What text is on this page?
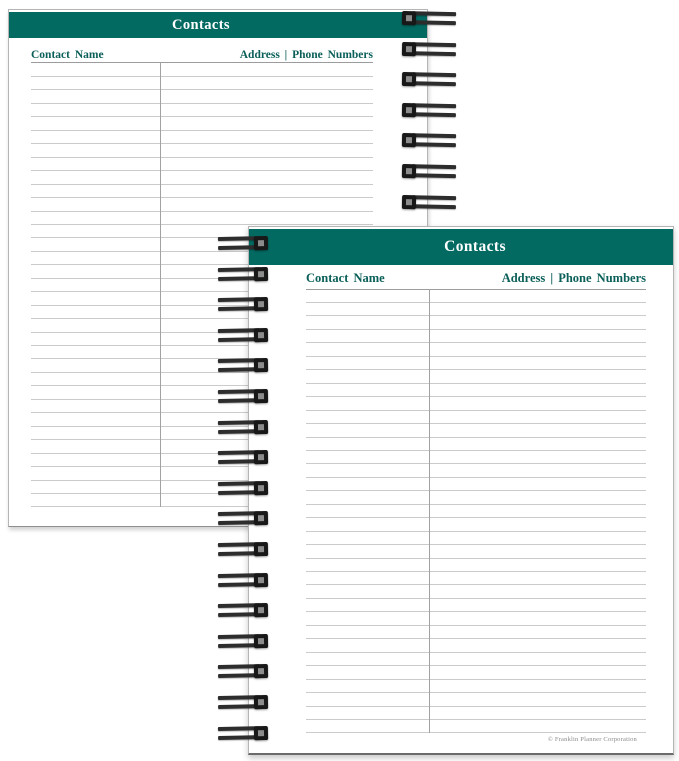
Contacts
Contact Name	Address | Phone Numbers
Contacts
Contact Name	Address | Phone Numbers
© Franklin Planner Corporation
